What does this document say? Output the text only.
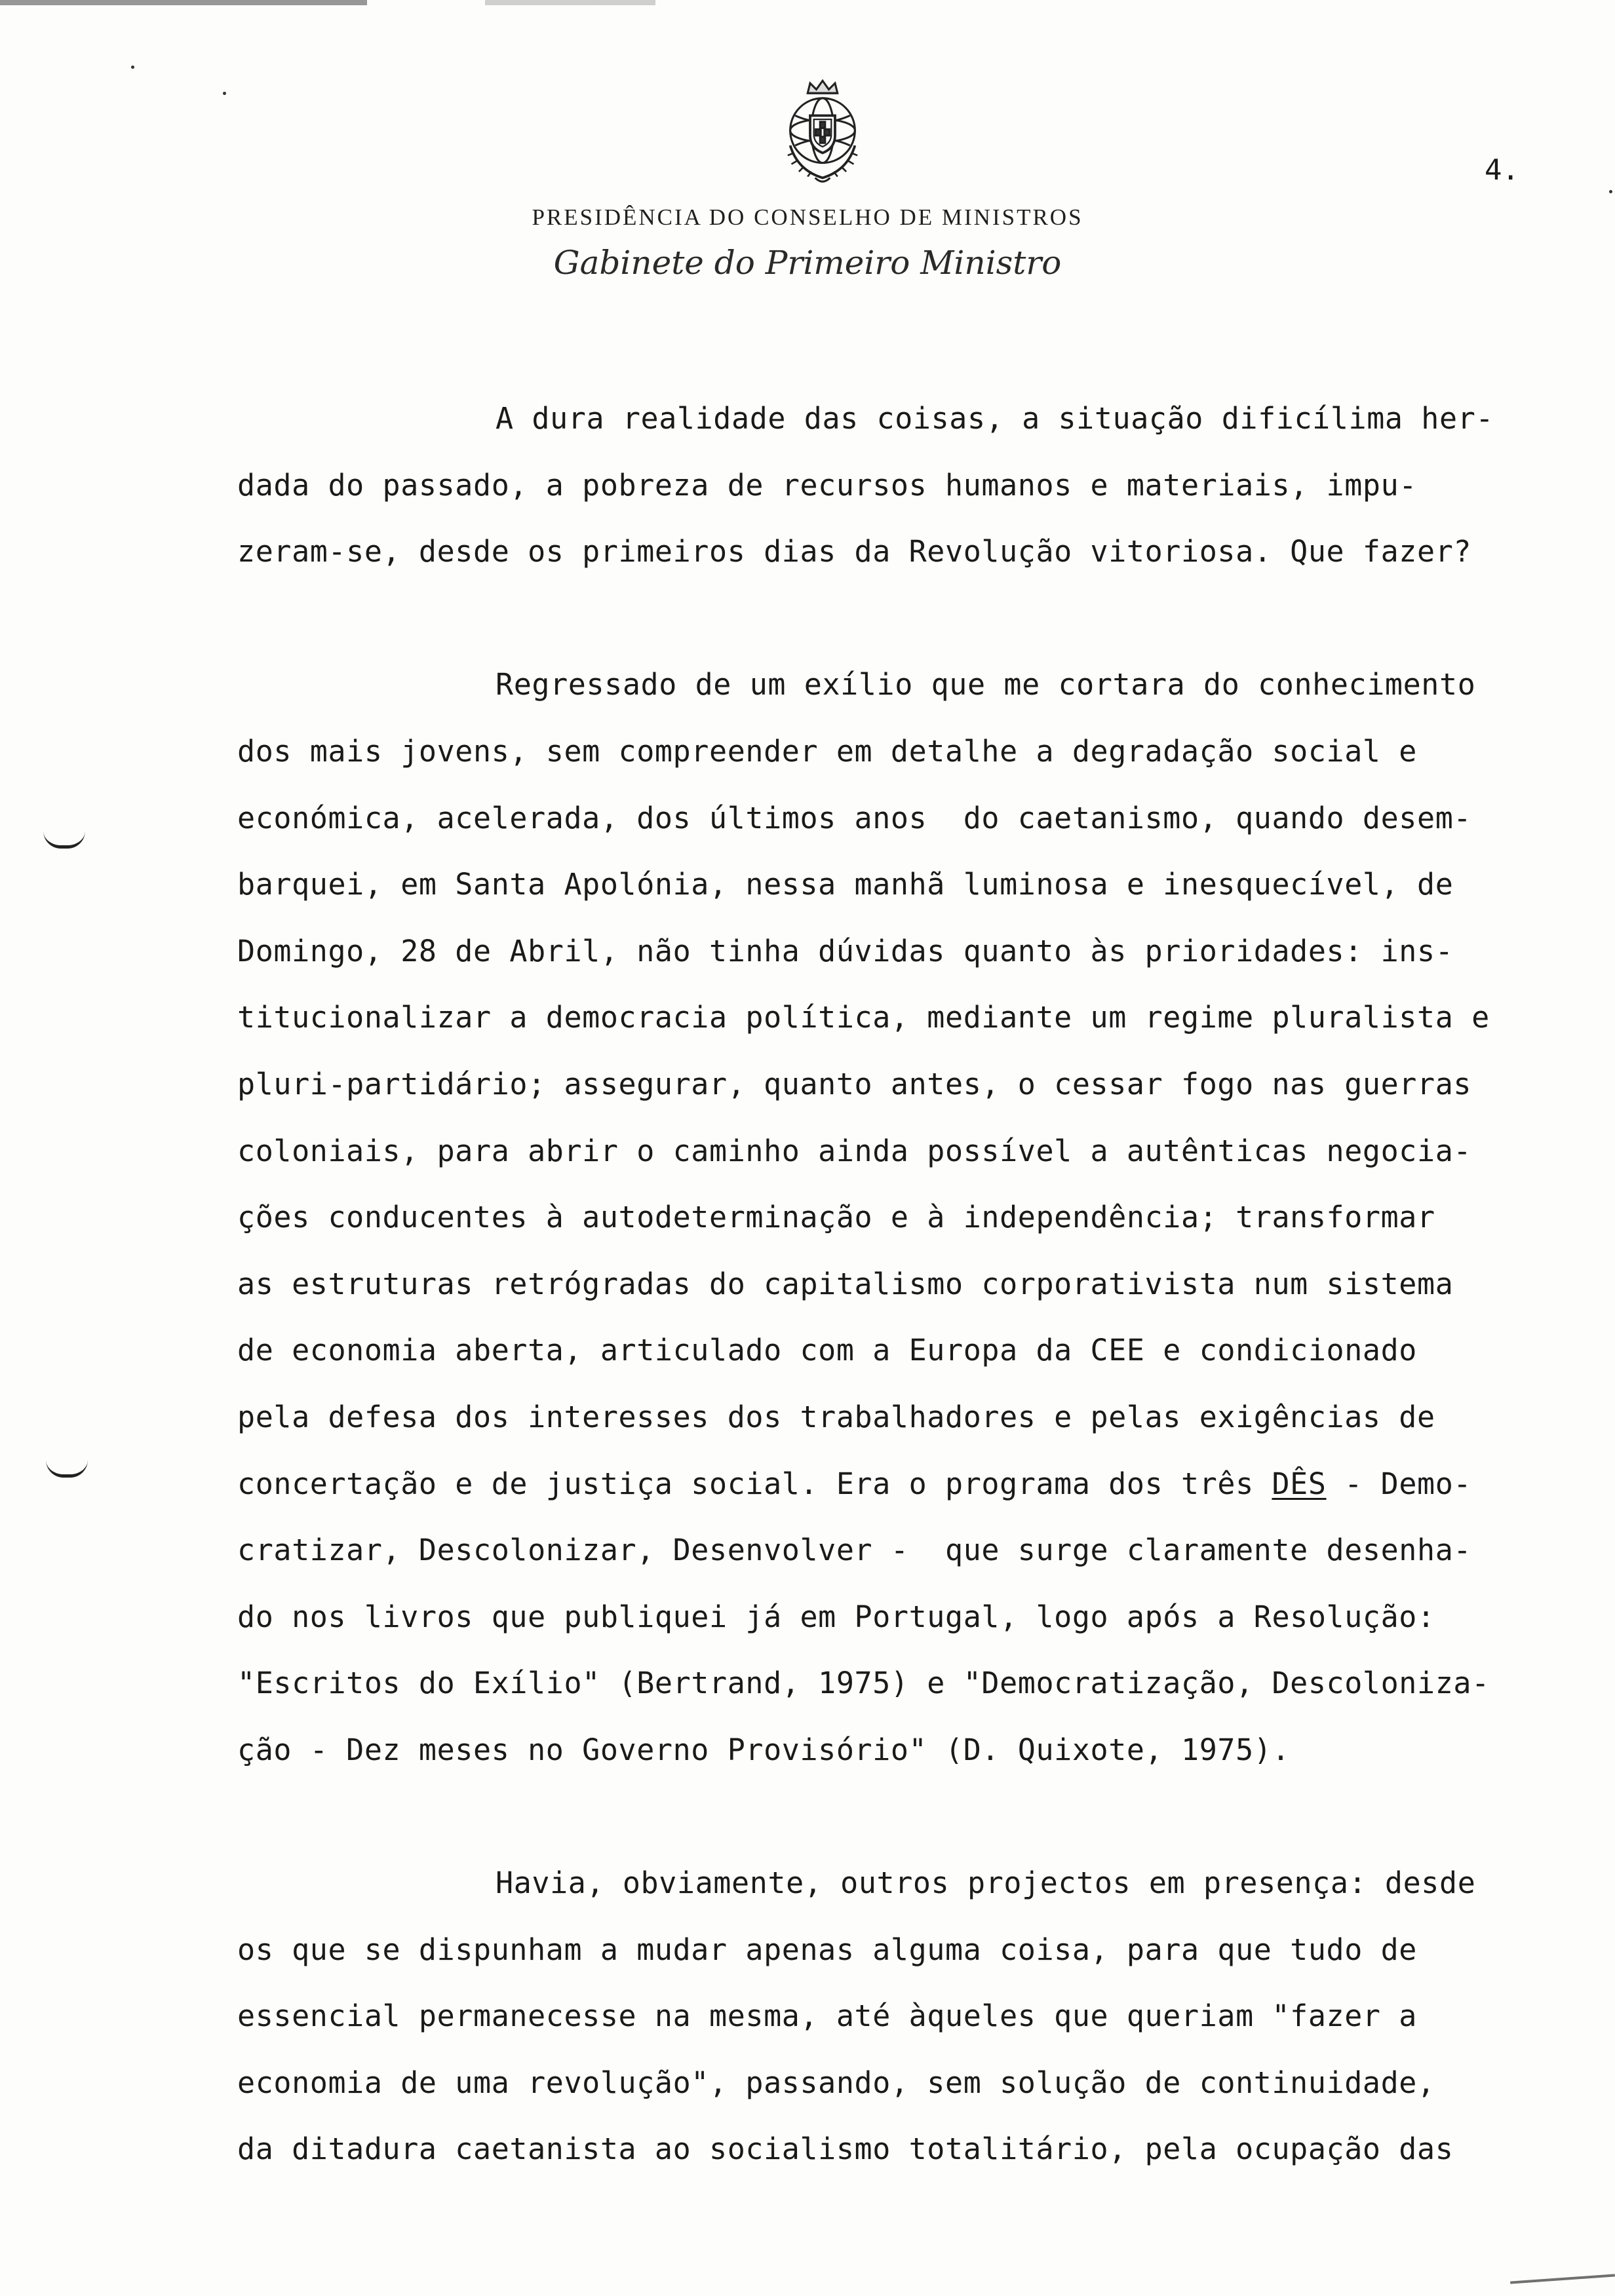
4.
PRESIDÊNCIA DO CONSELHO DE MINISTROS
Gabinete do Primeiro Ministro
A dura realidade das coisas, a situação dificílima her-
dada do passado, a pobreza de recursos humanos e materiais, impu-
zeram-se, desde os primeiros dias da Revolução vitoriosa. Que fazer?
Regressado de um exílio que me cortara do conhecimento
dos mais jovens, sem compreender em detalhe a degradação social e
económica, acelerada, dos últimos anos  do caetanismo, quando desem-
barquei, em Santa Apolónia, nessa manhã luminosa e inesquecível, de
Domingo, 28 de Abril, não tinha dúvidas quanto às prioridades: ins-
titucionalizar a democracia política, mediante um regime pluralista e
pluri-partidário; assegurar, quanto antes, o cessar fogo nas guerras
coloniais, para abrir o caminho ainda possível a autênticas negocia-
ções conducentes à autodeterminação e à independência; transformar
as estruturas retrógradas do capitalismo corporativista num sistema
de economia aberta, articulado com a Europa da CEE e condicionado
pela defesa dos interesses dos trabalhadores e pelas exigências de
concertação e de justiça social. Era o programa dos três DÊS - Demo-
cratizar, Descolonizar, Desenvolver -  que surge claramente desenha-
do nos livros que publiquei já em Portugal, logo após a Resolução:
"Escritos do Exílio" (Bertrand, 1975) e "Democratização, Descoloniza-
ção - Dez meses no Governo Provisório" (D. Quixote, 1975).
Havia, obviamente, outros projectos em presença: desde
os que se dispunham a mudar apenas alguma coisa, para que tudo de
essencial permanecesse na mesma, até àqueles que queriam "fazer a
economia de uma revolução", passando, sem solução de continuidade,
da ditadura caetanista ao socialismo totalitário, pela ocupação das
